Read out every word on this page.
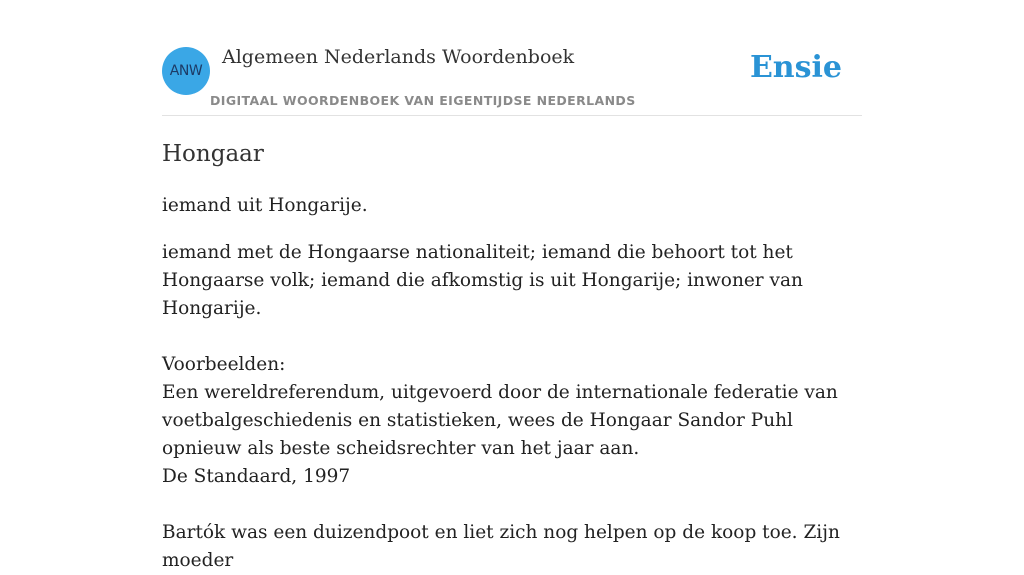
ANW
Algemeen Nederlands Woordenboek
DIGITAAL WOORDENBOEK VAN EIGENTIJDSE NEDERLANDS
Ensie
Hongaar

iemand uit Hongarije.

iemand met de Hongaarse nationaliteit; iemand die behoort tot het Hongaarse volk; iemand die afkomstig is uit Hongarije; inwoner van Hongarije.
Voorbeelden:
Een wereldreferendum, uitgevoerd door de internationale federatie van voetbalgeschiedenis en statistieken, wees de Hongaar Sandor Puhl opnieuw als beste scheidsrechter van het jaar aan.
De Standaard, 1997
Bartók was een duizendpoot en liet zich nog helpen op de koop toe. Zijn moeder
